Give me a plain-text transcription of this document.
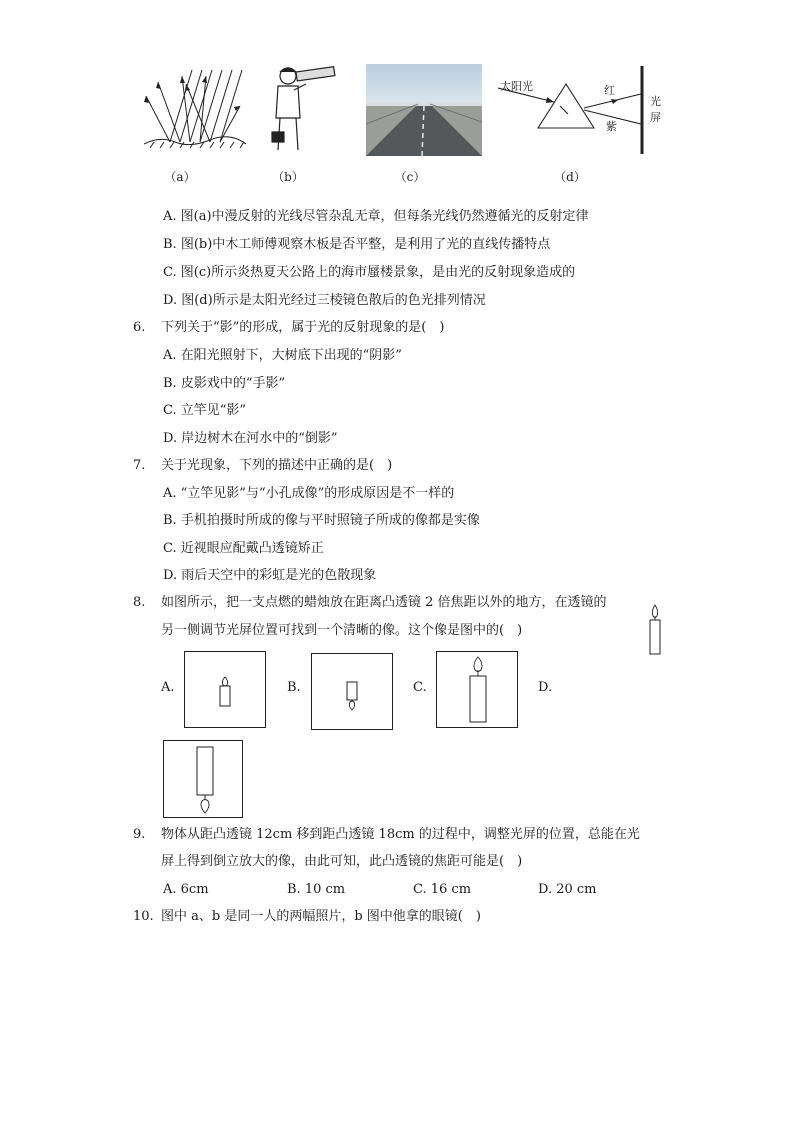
太阳光	红
紫
光屏
（a）	（b）	（c）	（d）
A. 图(a)中漫反射的光线尽管杂乱无章，但每条光线仍然遵循光的反射定律
B. 图(b)中木工师傅观察木板是否平整，是利用了光的直线传播特点
C. 图(c)所示炎热夏天公路上的海市蜃楼景象，是由光的反射现象造成的
D. 图(d)所示是太阳光经过三棱镜色散后的色光排列情况
6. 下列关于“影”的形成，属于光的反射现象的是(　)
A. 在阳光照射下，大树底下出现的“阴影”
B. 皮影戏中的“手影”
C. 立竿见“影”
D. 岸边树木在河水中的“倒影”
7. 关于光现象，下列的描述中正确的是(　)
A. “立竿见影”与“小孔成像”的形成原因是不一样的
B. 手机拍摄时所成的像与平时照镜子所成的像都是实像
C. 近视眼应配戴凸透镜矫正
D. 雨后天空中的彩虹是光的色散现象
8. 如图所示，把一支点燃的蜡烛放在距离凸透镜 2 倍焦距以外的地方，在透镜的
另一侧调节光屏位置可找到一个清晰的像。这个像是图中的(　)
A.	B.	C.	D.
9. 物体从距凸透镜 12cm 移到距凸透镜 18cm 的过程中，调整光屏的位置，总能在光
屏上得到倒立放大的像，由此可知，此凸透镜的焦距可能是(　)
A. 6cm	B. 10 cm	C. 16 cm	D. 20 cm
10. 图中 a、b 是同一人的两幅照片，b 图中他拿的眼镜(　)
